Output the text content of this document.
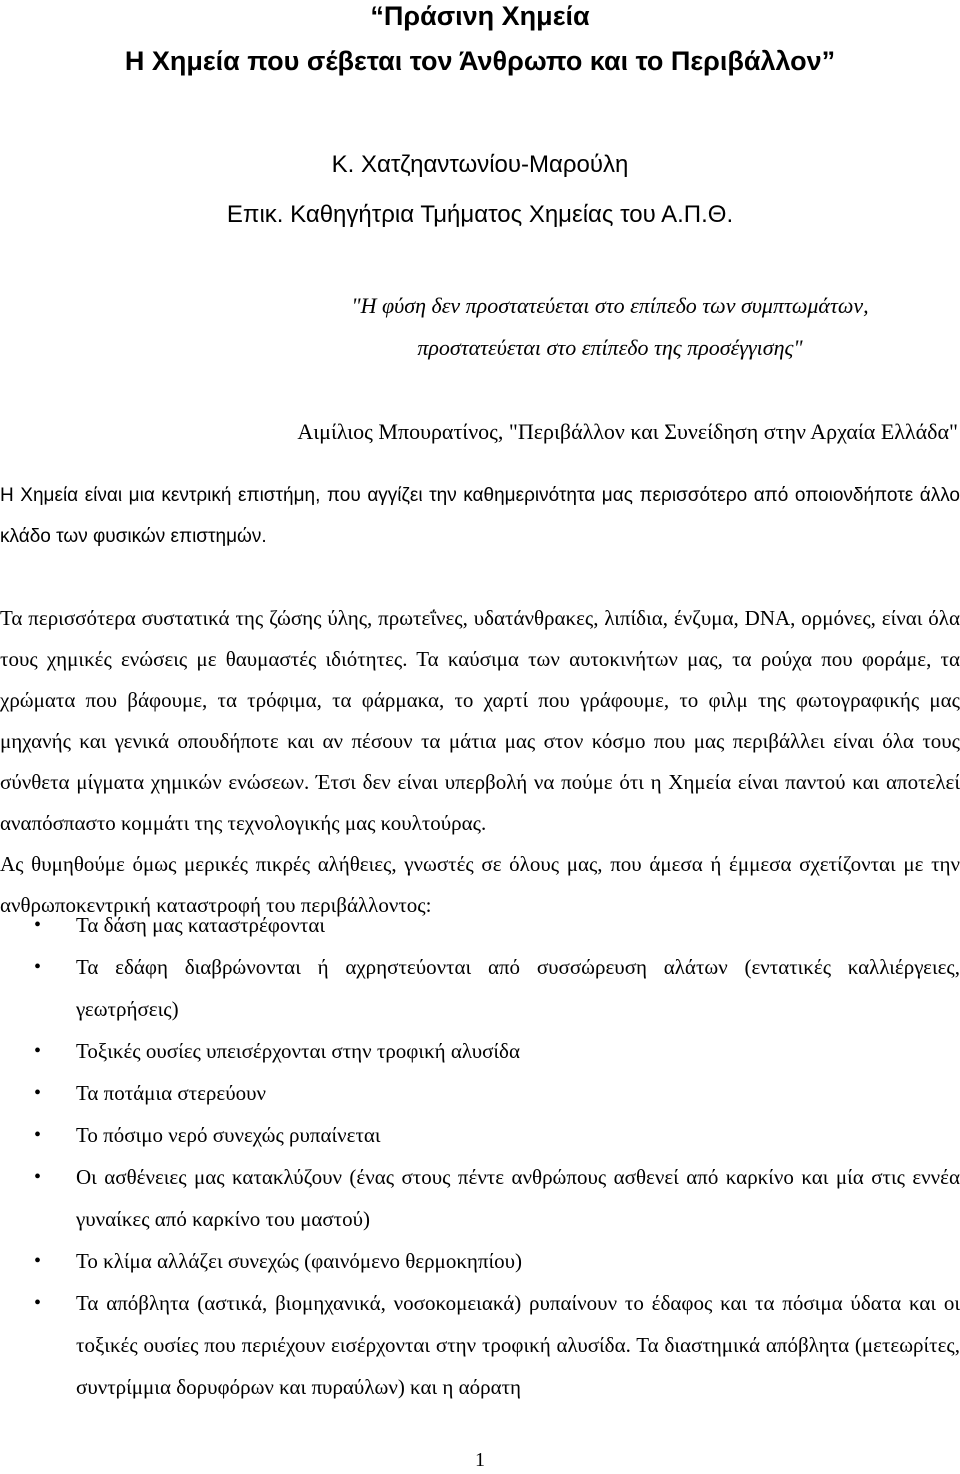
“Πράσινη Χημεία
Η Χημεία που σέβεται τον Άνθρωπο και το Περιβάλλον”
Κ. Χατζηαντωνίου-Μαρούλη
Επικ. Καθηγήτρια Τμήματος Χημείας του Α.Π.Θ.
"Η φύση δεν προστατεύεται στο επίπεδο των συμπτωμάτων,
προστατεύεται στο επίπεδο της προσέγγισης"
Αιμίλιος Μπουρατίνος, "Περιβάλλον και Συνείδηση στην Αρχαία Ελλάδα"

Η Χημεία είναι μια κεντρική επιστήμη, που αγγίζει την καθημερινότητα μας περισσότερο από οποιονδήποτε άλλο κλάδο των φυσικών επιστημών.

Τα περισσότερα συστατικά της ζώσης ύλης, πρωτεΐνες, υδατάνθρακες, λιπίδια, ένζυμα, DNA, ορμόνες, είναι όλα τους χημικές ενώσεις με θαυμαστές ιδιότητες. Τα καύσιμα των αυτοκινήτων μας, τα ρούχα που φοράμε, τα χρώματα που βάφουμε, τα τρόφιμα, τα φάρμακα, το χαρτί που γράφουμε, το φιλμ της φωτογραφικής μας μηχανής και γενικά οπουδήποτε και αν πέσουν τα μάτια μας στον κόσμο που μας περιβάλλει είναι όλα τους σύνθετα μίγματα χημικών ενώσεων. Έτσι δεν είναι υπερβολή να πούμε ότι η Χημεία είναι παντού και αποτελεί αναπόσπαστο κομμάτι της τεχνολογικής μας κουλτούρας.

Ας θυμηθούμε όμως μερικές πικρές αλήθειες, γνωστές σε όλους μας, που άμεσα ή έμμεσα σχετίζονται με την ανθρωποκεντρική καταστροφή του περιβάλλοντος:

• Τα δάση μας καταστρέφονται
• Τα εδάφη διαβρώνονται ή αχρηστεύονται από συσσώρευση αλάτων (εντατικές καλλιέργειες, γεωτρήσεις)
• Τοξικές ουσίες υπεισέρχονται στην τροφική αλυσίδα
• Τα ποτάμια στερεύουν
• Το πόσιμο νερό συνεχώς ρυπαίνεται
• Οι ασθένειες μας κατακλύζουν (ένας στους πέντε ανθρώπους ασθενεί από καρκίνο και μία στις εννέα γυναίκες από καρκίνο του μαστού)
• Το κλίμα αλλάζει συνεχώς (φαινόμενο θερμοκηπίου)
• Τα απόβλητα (αστικά, βιομηχανικά, νοσοκομειακά) ρυπαίνουν το έδαφος και τα πόσιμα ύδατα και οι τοξικές ουσίες που περιέχουν εισέρχονται στην τροφική αλυσίδα. Τα διαστημικά απόβλητα (μετεωρίτες, συντρίμμια δορυφόρων και πυραύλων) και η αόρατη
1
